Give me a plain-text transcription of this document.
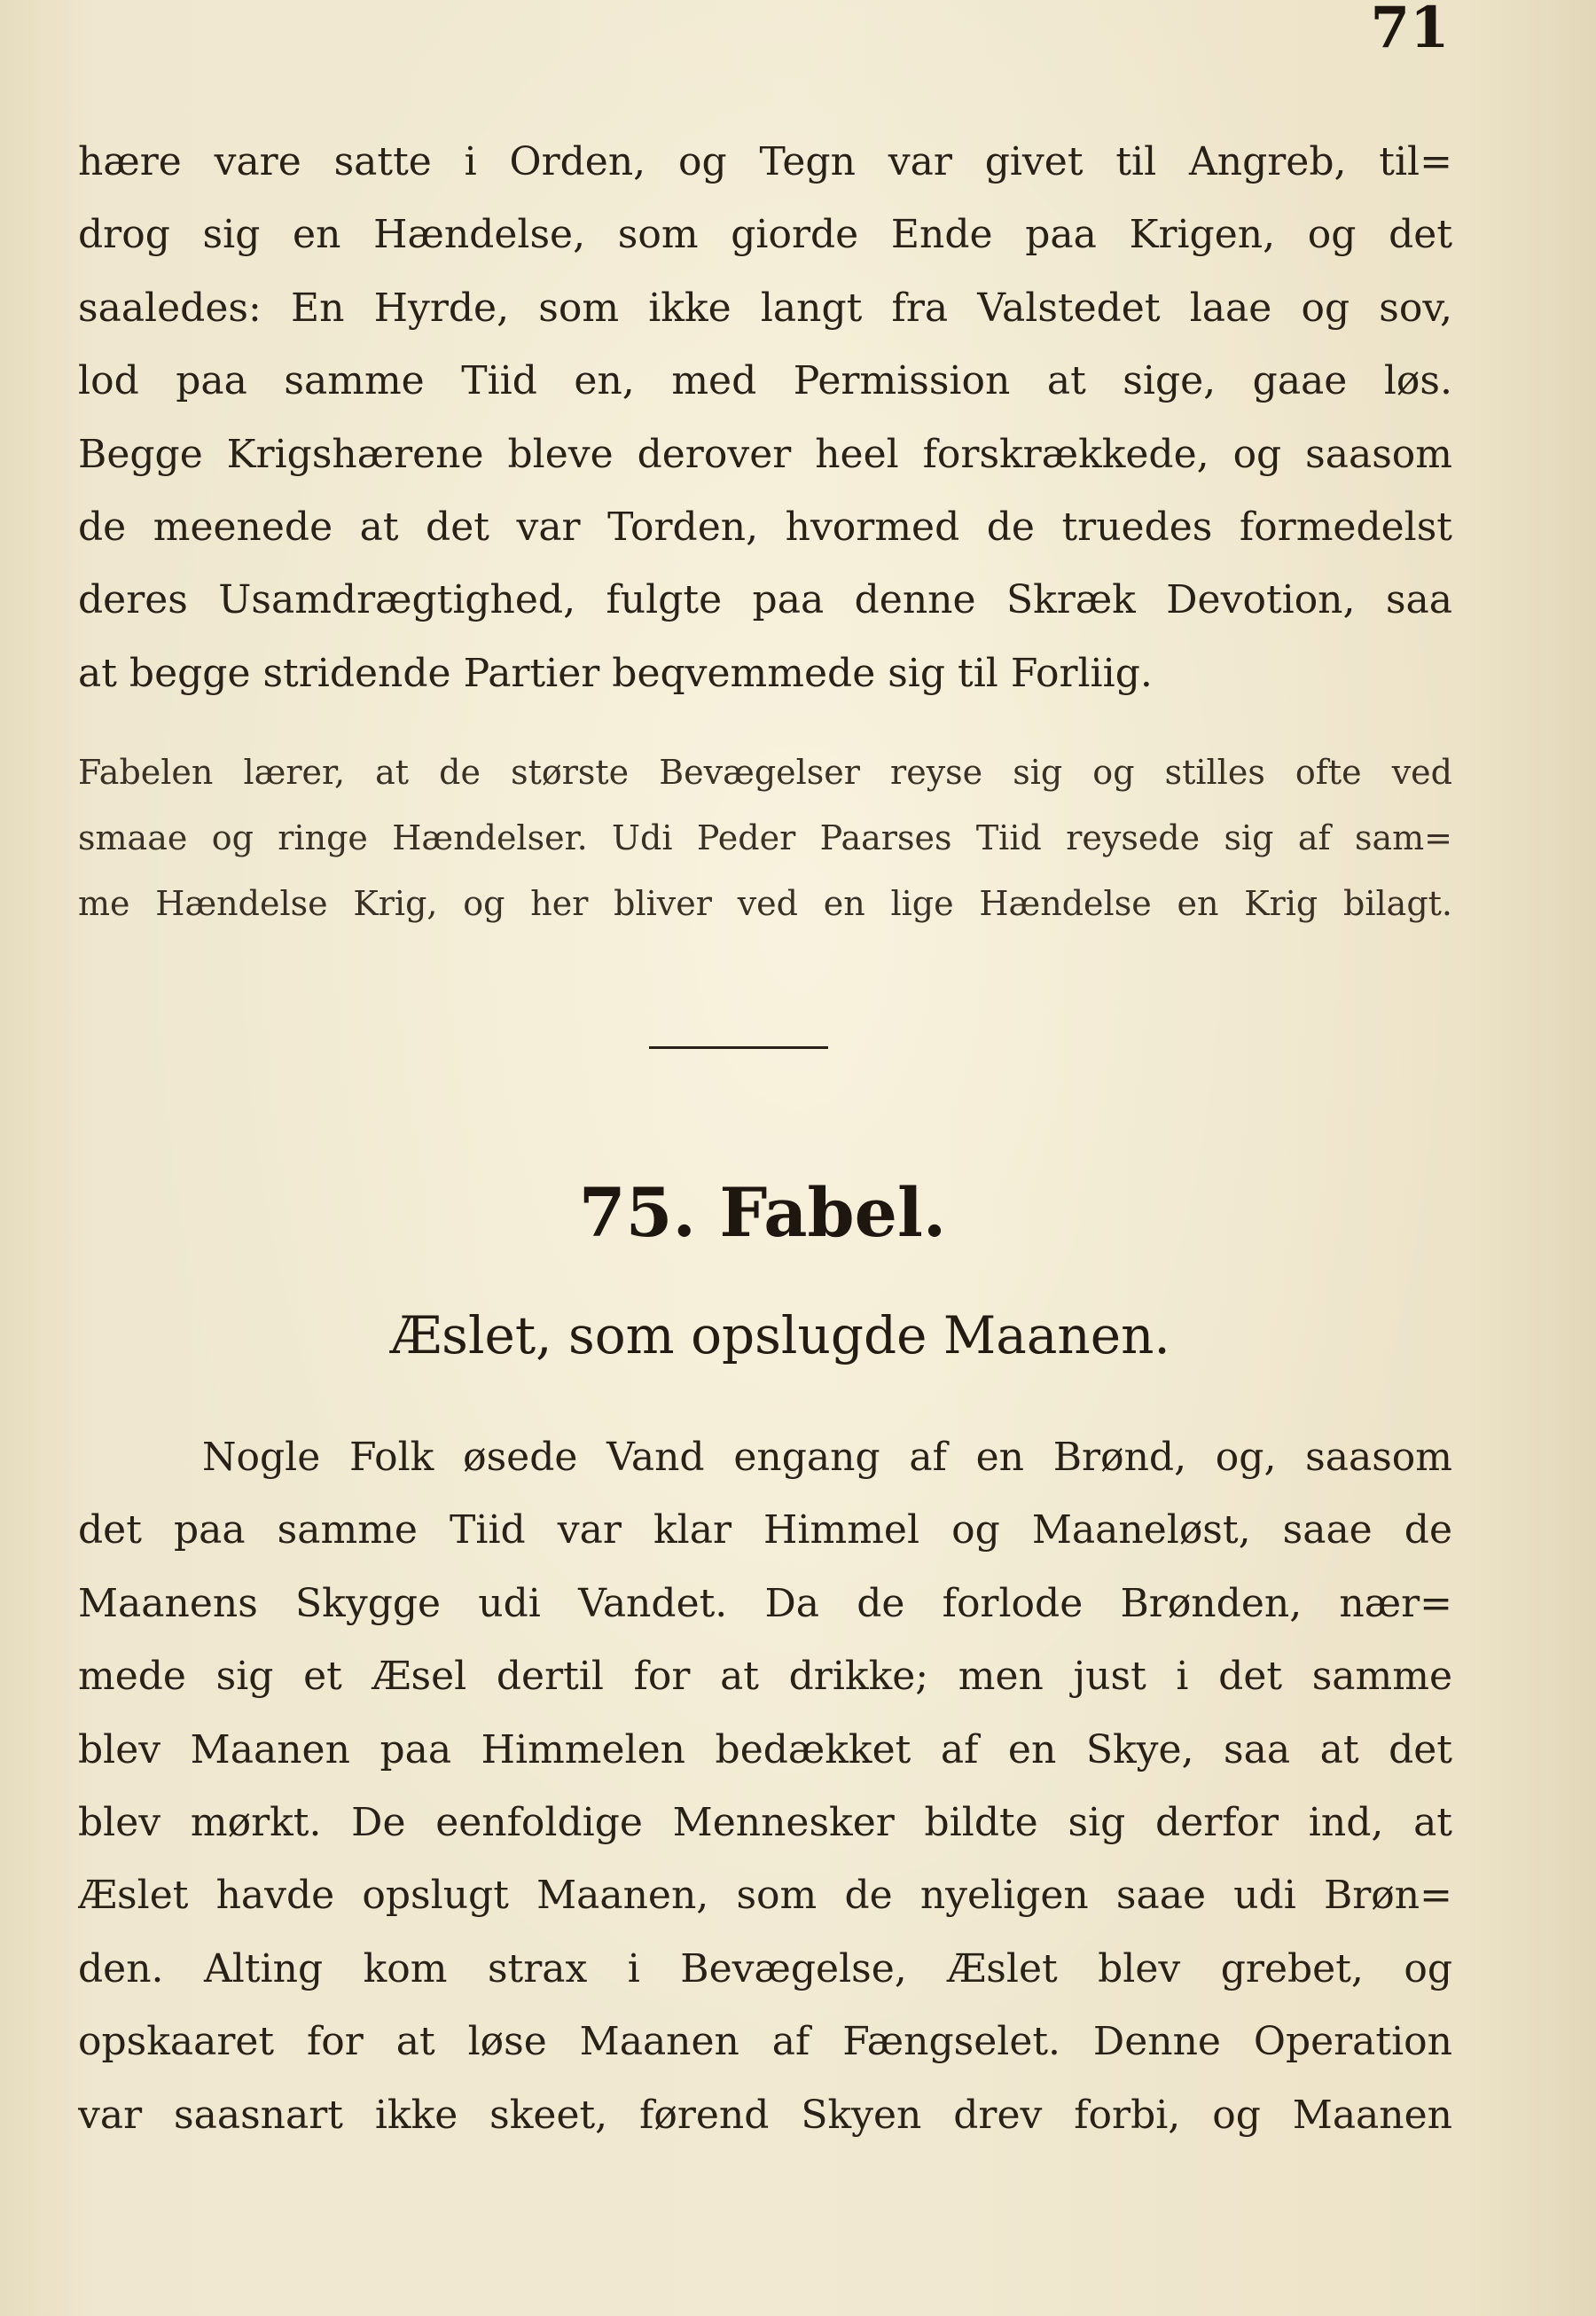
71
hære vare satte i Orden, og Tegn var givet til Angreb, til=
drog sig en Hændelse, som giorde Ende paa Krigen, og det
saaledes: En Hyrde, som ikke langt fra Valstedet laae og sov,
lod paa samme Tiid en, med Permission at sige, gaae løs.
Begge Krigshærene bleve derover heel forskrækkede, og saasom
de meenede at det var Torden, hvormed de truedes formedelst
deres Usamdrægtighed, fulgte paa denne Skræk Devotion, saa
at begge stridende Partier beqvemmede sig til Forliig.
Fabelen lærer, at de største Bevægelser reyse sig og stilles ofte ved
smaae og ringe Hændelser. Udi Peder Paarses Tiid reysede sig af sam=
me Hændelse Krig, og her bliver ved en lige Hændelse en Krig bilagt.
75. Fabel.
Æslet, som opslugde Maanen.
Nogle Folk øsede Vand engang af en Brønd, og, saasom
det paa samme Tiid var klar Himmel og Maaneløst, saae de
Maanens Skygge udi Vandet. Da de forlode Brønden, nær=
mede sig et Æsel dertil for at drikke; men just i det samme
blev Maanen paa Himmelen bedækket af en Skye, saa at det
blev mørkt. De eenfoldige Mennesker bildte sig derfor ind, at
Æslet havde opslugt Maanen, som de nyeligen saae udi Brøn=
den. Alting kom strax i Bevægelse, Æslet blev grebet, og
opskaaret for at løse Maanen af Fængselet. Denne Operation
var saasnart ikke skeet, førend Skyen drev forbi, og Maanen
